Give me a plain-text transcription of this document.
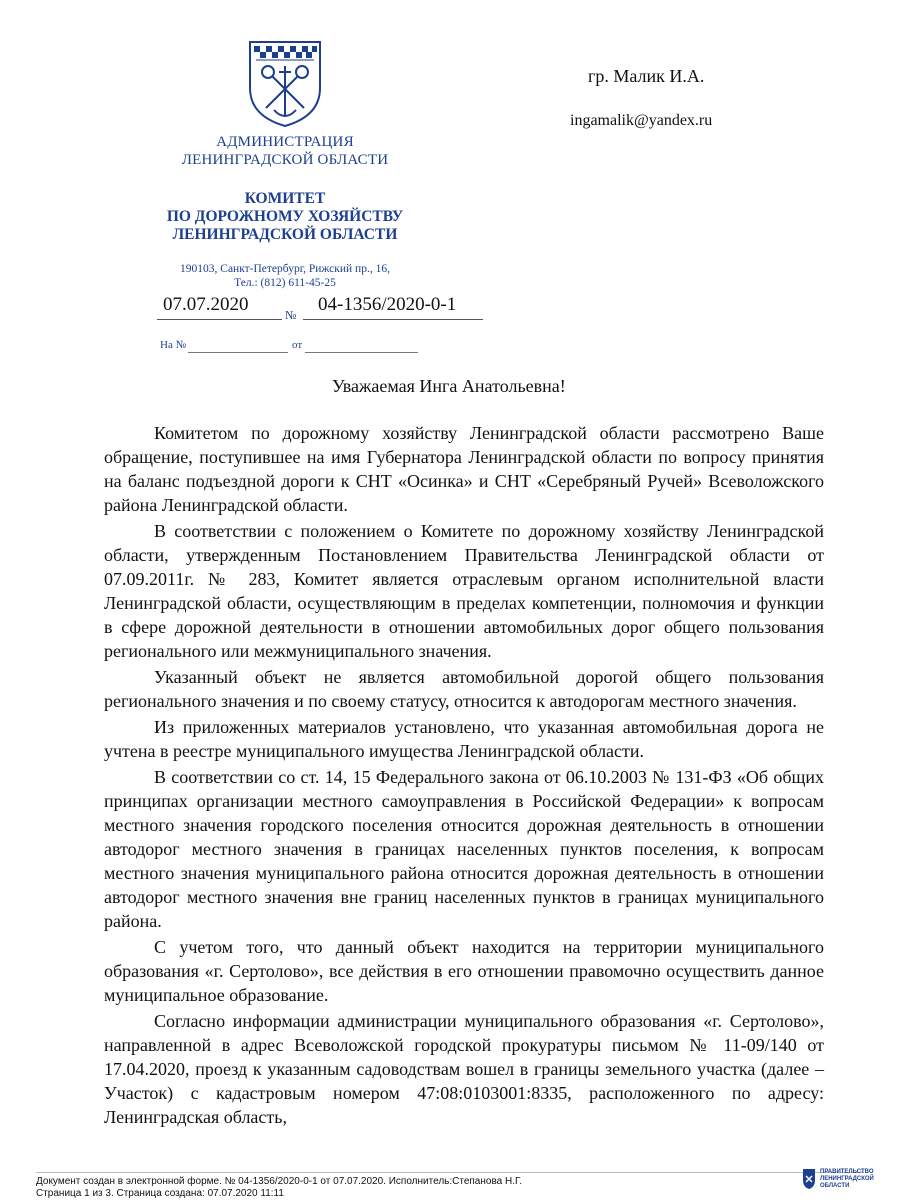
АДМИНИСТРАЦИЯ
ЛЕНИНГРАДСКОЙ ОБЛАСТИ
КОМИТЕТ
ПО ДОРОЖНОМУ ХОЗЯЙСТВУ
ЛЕНИНГРАДСКОЙ ОБЛАСТИ
190103, Санкт-Петербург, Рижский пр., 16,
Тел.: (812) 611-45-25
гр. Малик И.А.
ingamalik@yandex.ru
07.07.2020	№ 04-1356/2020-0-1
На №	от
Уважаемая Инга Анатольевна!

Комитетом по дорожному хозяйству Ленинградской области рассмотрено Ваше обращение, поступившее на имя Губернатора Ленинградской области по вопросу принятия на баланс подъездной дороги к СНТ «Осинка» и СНТ «Серебряный Ручей» Всеволожского района Ленинградской области.

В соответствии с положением о Комитете по дорожному хозяйству Ленинградской области, утвержденным Постановлением Правительства Ленинградской области от 07.09.2011г. № 283, Комитет является отраслевым органом исполнительной власти Ленинградской области, осуществляющим в пределах компетенции, полномочия и функции в сфере дорожной деятельности в отношении автомобильных дорог общего пользования регионального или межмуниципального значения.

Указанный объект не является автомобильной дорогой общего пользования регионального значения и по своему статусу, относится к автодорогам местного значения.

Из приложенных материалов установлено, что указанная автомобильная дорога не учтена в реестре муниципального имущества Ленинградской области.

В соответствии со ст. 14, 15 Федерального закона от 06.10.2003 № 131-ФЗ «Об общих принципах организации местного самоуправления в Российской Федерации» к вопросам местного значения городского поселения относится дорожная деятельность в отношении автодорог местного значения в границах населенных пунктов поселения, к вопросам местного значения муниципального района относится дорожная деятельность в отношении автодорог местного значения вне границ населенных пунктов в границах муниципального района.

С учетом того, что данный объект находится на территории муниципального образования «г. Сертолово», все действия в его отношении правомочно осуществить данное муниципальное образование.

Согласно информации администрации муниципального образования «г. Сертолово», направленной в адрес Всеволожской городской прокуратуры письмом № 11-09/140 от 17.04.2020, проезд к указанным садоводствам вошел в границы земельного участка (далее – Участок) с кадастровым номером 47:08:0103001:8335, расположенного по адресу: Ленинградская область,

Документ создан в электронной форме. № 04-1356/2020-0-1 от 07.07.2020. Исполнитель:Степанова Н.Г.
Страница 1 из 3. Страница создана: 07.07.2020 11:11
ПРАВИТЕЛЬСТВО
ЛЕНИНГРАДСКОЙ
ОБЛАСТИ
